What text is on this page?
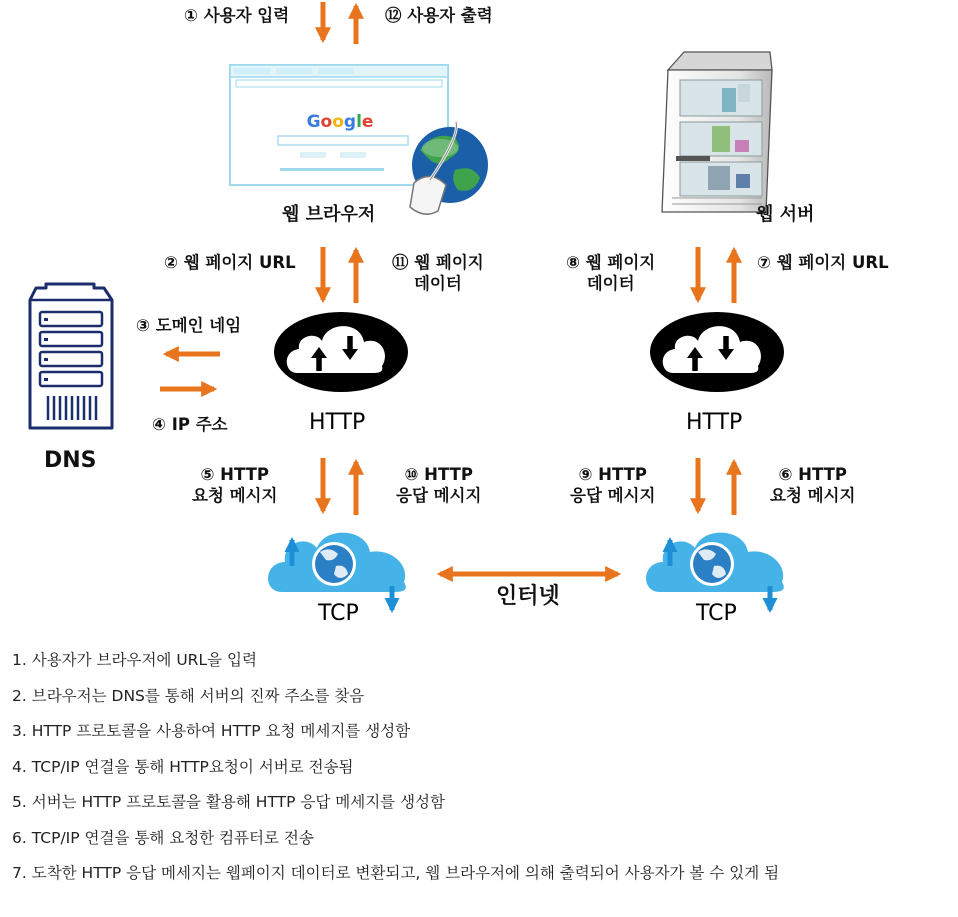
Google
① 사용자 입력	⑫ 사용자 출력
웹 브라우저	웹 서버
② 웹 페이지 URL	⑪ 웹 페이지
데이터
⑧ 웹 페이지
데이터
⑦ 웹 페이지 URL
③ 도메인 네임
④ IP 주소
DNS
HTTP	HTTP
⑤ HTTP
요청 메시지
⑩ HTTP
응답 메시지
⑨ HTTP
응답 메시지
⑥ HTTP
요청 메시지
TCP	TCP
인터넷
1. 사용자가 브라우저에 URL을 입력
2. 브라우저는 DNS를 통해 서버의 진짜 주소를 찾음
3. HTTP 프로토콜을 사용하여 HTTP 요청 메세지를 생성함
4. TCP/IP 연결을 통해 HTTP요청이 서버로 전송됨
5. 서버는 HTTP 프로토콜을 활용해 HTTP 응답 메세지를 생성함
6. TCP/IP 연결을 통해 요청한 컴퓨터로 전송
7. 도착한 HTTP 응답 메세지는 웹페이지 데이터로 변환되고, 웹 브라우저에 의해 출력되어 사용자가 볼 수 있게 됨
